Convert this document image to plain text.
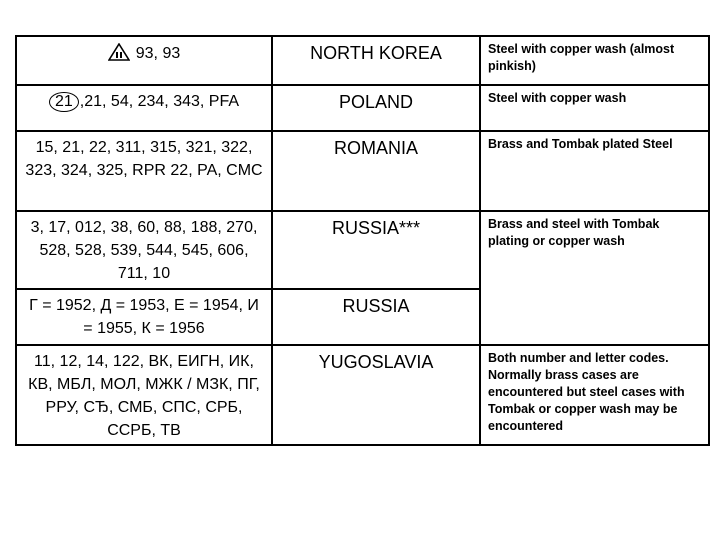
93, 93	NORTH KOREA	Steel with copper wash (almost pinkish)
21 ,21, 54, 234, 343, PFA	POLAND	Steel with copper wash
15, 21, 22, 311, 315, 321, 322, 323, 324, 325, RPR 22, PA, CMC	ROMANIA	Brass and Tombak plated Steel
3, 17, 012, 38, 60, 88, 188, 270, 528, 528, 539, 544, 545, 606, 711, 10	RUSSIA***	Brass and steel with Tombak plating or copper wash
Г = 1952, Д = 1953, Е = 1954, И = 1955, К = 1956	RUSSIA	
11, 12, 14, 122, ВК, ЕИГН, ИК, КВ, МБЛ, МОЛ, МЖК / МЗК, ПГ, РРУ, СЂ, СМБ, СПС, СРБ, ССРБ, ТВ	YUGOSLAVIA	Both number and letter codes. Normally brass cases are encountered but steel cases with Tombak or copper wash may be encountered
